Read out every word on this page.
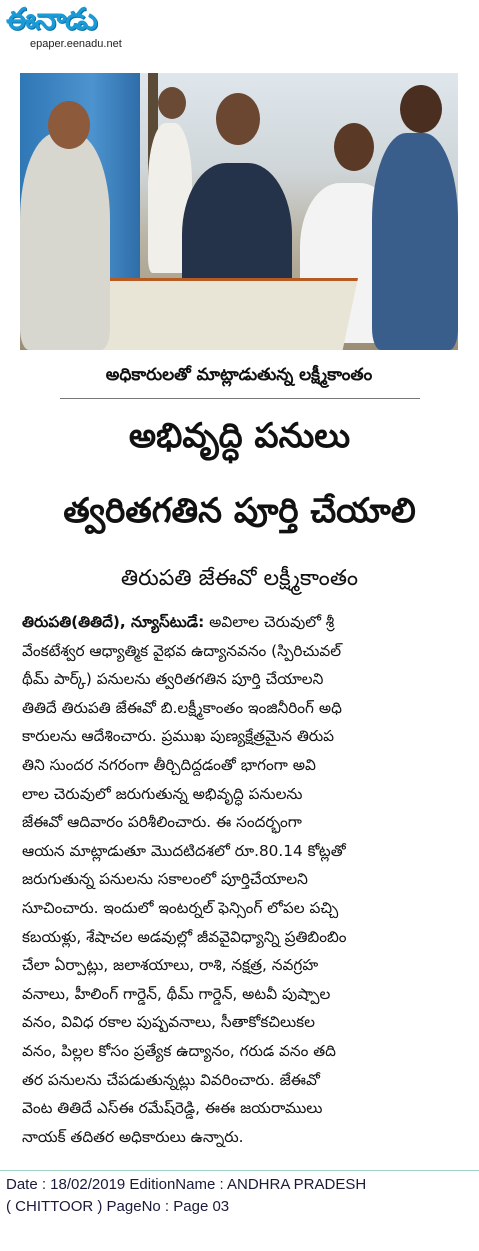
ఈనాడు
epaper.eenadu.net
అధికారులతో మాట్లాడుతున్న లక్ష్మీకాంతం
అభివృద్ధి పనులు
త్వరితగతిన పూర్తి చేయాలి
తిరుపతి జేఈవో లక్ష్మీకాంతం
తిరుపతి(తితిదే), న్యూస్‌టుడే: అవిలాల చెరువులో శ్రీ
వేంకటేశ్వర ఆధ్యాత్మిక వైభవ ఉద్యానవనం (స్పిరిచువల్
థీమ్ పార్క్) పనులను త్వరితగతిన పూర్తి చేయాలని
తితిదే తిరుపతి జేఈవో బి.లక్ష్మీకాంతం ఇంజినీరింగ్ అధి
కారులను ఆదేశించారు. ప్రముఖ పుణ్యక్షేత్రమైన తిరుప
తిని సుందర నగరంగా తీర్చిదిద్దడంతో భాగంగా అవి
లాల చెరువులో జరుగుతున్న అభివృద్ధి పనులను
జేఈవో ఆదివారం పరిశీలించారు. ఈ సందర్భంగా
ఆయన మాట్లాడుతూ మొదటిదశలో రూ.80.14 కోట్లతో
జరుగుతున్న పనులను సకాలంలో పూర్తిచేయాలని
సూచించారు. ఇందులో ఇంటర్నల్ ఫెన్సింగ్ లోపల పచ్చి
కబయళ్లు, శేషాచల అడవుల్లో జీవవైవిధ్యాన్ని ప్రతిబింబిం
చేలా ఏర్పాట్లు, జలాశయాలు, రాశి, నక్షత్ర, నవగ్రహ
వనాలు, హీలింగ్ గార్డెన్, థీమ్ గార్డెన్, అటవీ పుష్పాల
వనం, వివిధ రకాల పుష్పవనాలు, సీతాకోకచిలుకల
వనం, పిల్లల కోసం ప్రత్యేక ఉద్యానం, గరుడ వనం తది
తర పనులను చేపడుతున్నట్లు వివరించారు. జేఈవో
వెంట తితిదే ఎస్ఈ రమేష్‌రెడ్డి, ఈఈ జయరాములు
నాయక్ తదితర అధికారులు ఉన్నారు.
Date : 18/02/2019 EditionName : ANDHRA PRADESH
( CHITTOOR ) PageNo : Page 03
